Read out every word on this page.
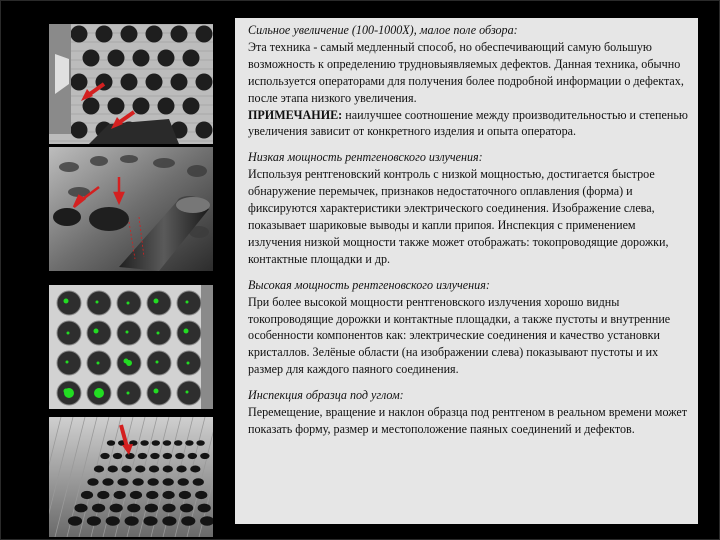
Сильное увеличение (100-1000X), малое поле обзора:
Эта техника - самый медленный способ, но обеспечивающий самую большую возможность к определению трудновыявляемых дефектов. Данная техника, обычно используется операторами для получения более подробной информации о дефектах, после этапа низкого увеличения.
ПРИМЕЧАНИЕ: наилучшее соотношение между производительностью и степенью увеличения зависит от конкретного изделия и опыта оператора.

Низкая мощность рентгеновского излучения:
Используя рентгеновский контроль с низкой мощностью, достигается быстрое обнаружение перемычек, признаков недостаточного оплавления (форма) и фиксируются характеристики электрического соединения. Изображение слева, показывает шариковые выводы и капли припоя. Инспекция с применением излучения низкой мощности также может отображать: токопроводящие дорожки, контактные площадки и др.

Высокая мощность рентгеновского излучения:
При более высокой мощности рентгеновского излучения хорошо видны токопроводящие дорожки и контактные площадки, а также пустоты и внутренние особенности компонентов как: электрические соединения и качество установки кристаллов. Зелёные области (на изображении слева) показывают пустоты и их размер для каждого паяного соединения.

Инспекция образца под углом:
Перемещение, вращение и наклон образца под рентгеном в реальном времени может показать форму, размер и местоположение паяных соединений и дефектов.
